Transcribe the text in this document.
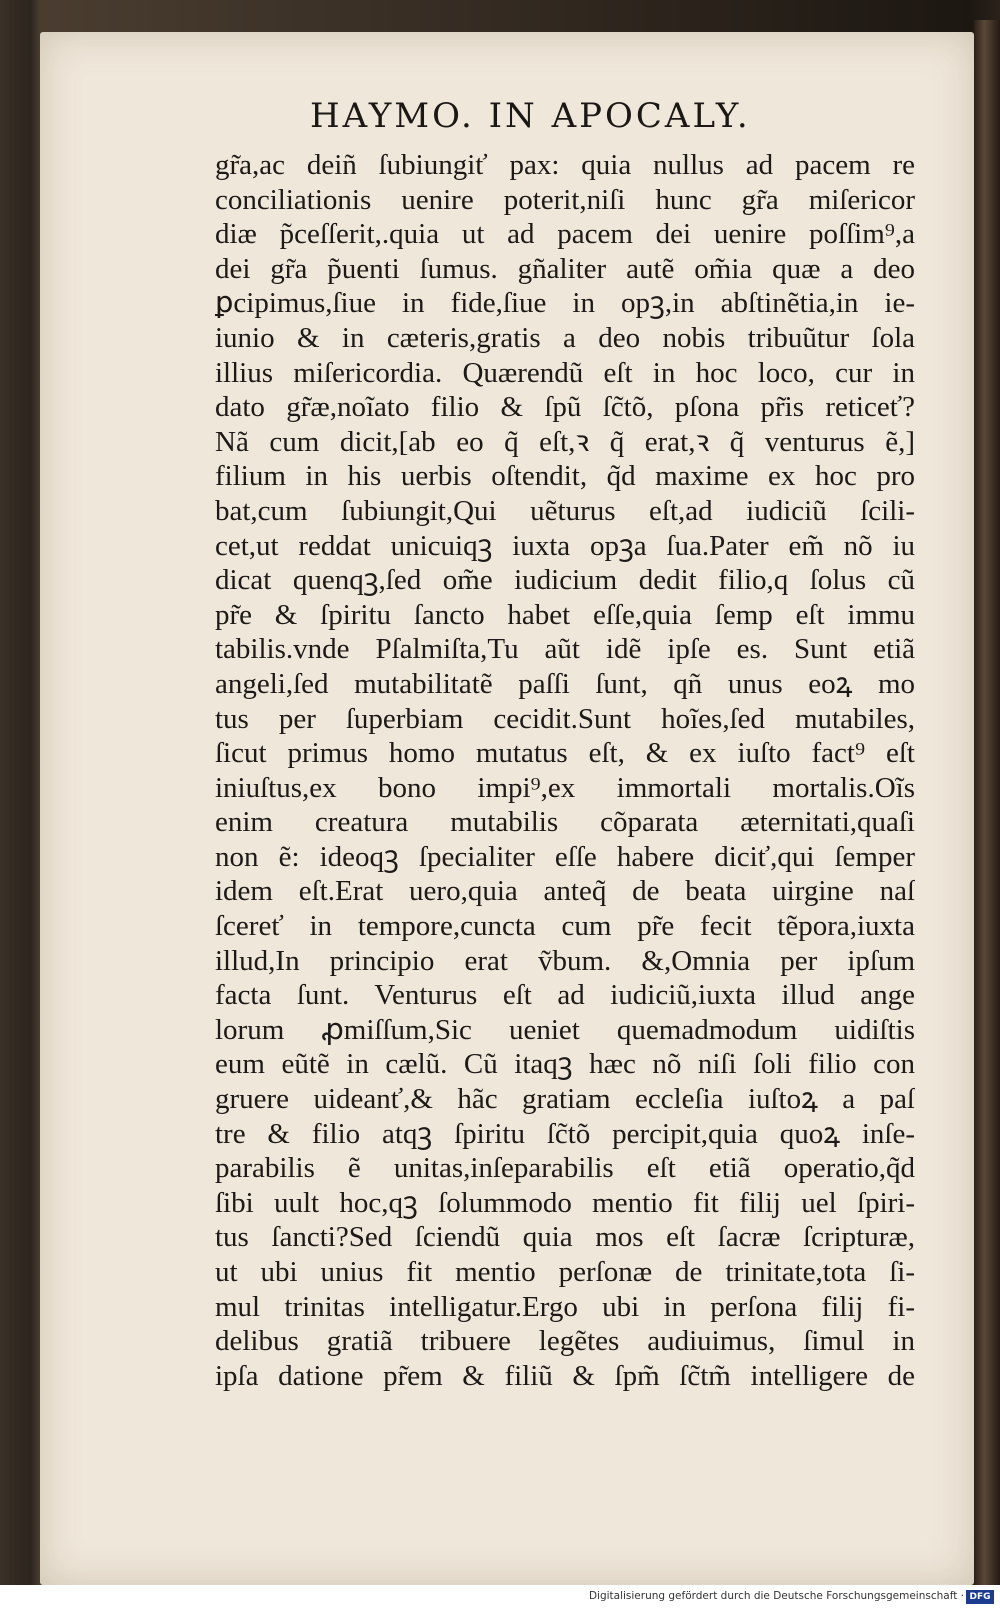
HAYMO. IN APOCALY.
gr̃a,ac deiñ ſubiungiť pax: quia nullus ad pacem re
conciliationis uenire poterit,niſi hunc gr̃a miſericor
diæ p̃ceſſerit,.quia ut ad pacem dei uenire poſſim⁹,a
dei gr̃a p̃uenti ſumus. gñaliter autẽ om̃ia quæ a deo
ꝑcipimus,ſiue in fide,ſiue in opꝫ,in abſtinẽtia,in ie-
iunio & in cæteris,gratis a deo nobis tribuũtur ſola
illius miſericordia. Quærendũ eſt in hoc loco, cur in
dato gr̃æ,noĩato filio & ſpũ ſc̃tõ, pſona pr̃is reticeť?
Nã cum dicit,[ab eo q̃ eſt,ꝛ q̃ erat,ꝛ q̃ venturus ẽ,]
filium in his uerbis oſtendit, q̃d maxime ex hoc pro
bat,cum ſubiungit,Qui uẽturus eſt,ad iudiciũ ſcili-
cet,ut reddat unicuiqꝫ iuxta opꝫa ſua.Pater em̃ nõ iu
dicat quenqꝫ,ſed om̃e iudicium dedit filio,q ſolus cũ
pr̃e & ſpiritu ſancto habet eſſe,quia ſemp eſt immu
tabilis.vnde Pſalmiſta,Tu aũt idẽ ipſe es. Sunt etiã
angeli,ſed mutabilitatẽ paſſi ſunt, qñ unus eoꝝ mo
tus per ſuperbiam cecidit.Sunt hoĩes,ſed mutabiles,
ſicut primus homo mutatus eſt, & ex iuſto fact⁹ eſt
iniuſtus,ex bono impi⁹,ex immortali mortalis.Oĩs
enim creatura mutabilis cõparata æternitati,quaſi
non ẽ: ideoqꝫ ſpecialiter eſſe habere diciť,qui ſemper
idem eſt.Erat uero,quia anteq̃ de beata uirgine naſ
ſcereť in tempore,cuncta cum pr̃e fecit tẽpora,iuxta
illud,In principio erat ṽbum. &,Omnia per ipſum
facta ſunt. Venturus eſt ad iudiciũ,iuxta illud ange
lorum ꝓmiſſum,Sic ueniet quemadmodum uidiſtis
eum eũtẽ in cælũ. Cũ itaqꝫ hæc nõ niſi ſoli filio con
gruere uideanť,& hãc gratiam eccleſia iuſtoꝝ a paſ
tre & filio atqꝫ ſpiritu ſc̃tõ percipit,quia quoꝝ inſe-
parabilis ẽ unitas,inſeparabilis eſt etiã operatio,q̃d
ſibi uult hoc,qꝫ ſolummodo mentio fit filij uel ſpiri-
tus ſancti?Sed ſciendũ quia mos eſt ſacræ ſcripturæ,
ut ubi unius fit mentio perſonæ de trinitate,tota ſi-
mul trinitas intelligatur.Ergo ubi in perſona filij fi-
delibus gratiã tribuere legẽtes audiuimus, ſimul in
ipſa datione pr̃em & filiũ & ſpm̃ ſc̃tm̃ intelligere de
Digitalisierung gefördert durch die Deutsche Forschungsgemeinschaft · DFG
